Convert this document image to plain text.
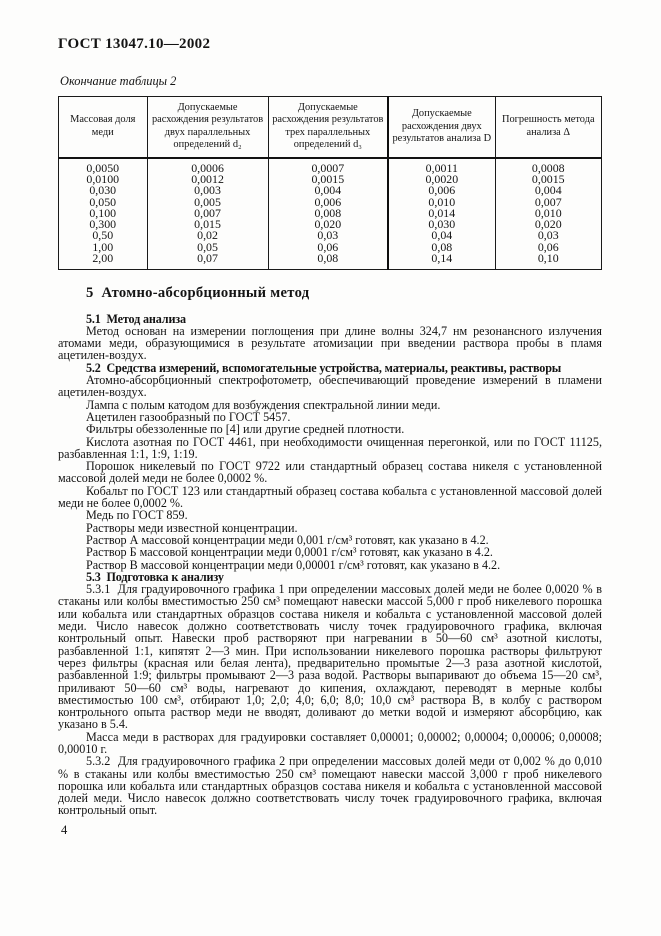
ГОСТ 13047.10—2002

Окончание таблицы 2

Массовая доля меди	Допускаемые расхождения результатов двух параллельных определений d₂	Допускаемые расхождения результатов трех параллельных определений d₃	Допускаемые расхождения двух результатов анализа D	Погрешность метода анализа Δ
0,0050	0,0006	0,0007	0,0011	0,0008
0,0100	0,0012	0,0015	0,0020	0,0015
0,030	0,003	0,004	0,006	0,004
0,050	0,005	0,006	0,010	0,007
0,100	0,007	0,008	0,014	0,010
0,300	0,015	0,020	0,030	0,020
0,50	0,02	0,03	0,04	0,03
1,00	0,05	0,06	0,08	0,06
2,00	0,07	0,08	0,14	0,10

5  Атомно-абсорбционный метод

5.1  Метод анализа

Метод основан на измерении поглощения при длине волны 324,7 нм резонансного излучения атомами меди, образующимися в результате атомизации при введении раствора пробы в пламя ацетилен-воздух.

5.2  Средства измерений, вспомогательные устройства, материалы, реактивы, растворы

Атомно-абсорбционный спектрофотометр, обеспечивающий проведение измерений в пламени ацетилен-воздух.

Лампа с полым катодом для возбуждения спектральной линии меди.

Ацетилен газообразный по ГОСТ 5457.

Фильтры обеззоленные по [4] или другие средней плотности.

Кислота азотная по ГОСТ 4461, при необходимости очищенная перегонкой, или по ГОСТ 11125, разбавленная 1:1, 1:9, 1:19.

Порошок никелевый по ГОСТ 9722 или стандартный образец состава никеля с установленной массовой долей меди не более 0,0002 %.

Кобальт по ГОСТ 123 или стандартный образец состава кобальта с установленной массовой долей меди не более 0,0002 %.

Медь по ГОСТ 859.

Растворы меди известной концентрации.

Раствор А массовой концентрации меди 0,001 г/см³ готовят, как указано в 4.2.

Раствор Б массовой концентрации меди 0,0001 г/см³ готовят, как указано в 4.2.

Раствор В массовой концентрации меди 0,00001 г/см³ готовят, как указано в 4.2.

5.3  Подготовка к анализу

5.3.1  Для градуировочного графика 1 при определении массовых долей меди не более 0,0020 % в стаканы или колбы вместимостью 250 см³ помещают навески массой 5,000 г проб никелевого порошка или кобальта или стандартных образцов состава никеля и кобальта с установленной массовой долей меди. Число навесок должно соответствовать числу точек градуировочного графика, включая контрольный опыт. Навески проб растворяют при нагревании в 50—60 см³ азотной кислоты, разбавленной 1:1, кипятят 2—3 мин. При использовании никелевого порошка растворы фильтруют через фильтры (красная или белая лента), предварительно промытые 2—3 раза азотной кислотой, разбавленной 1:9; фильтры промывают 2—3 раза водой. Растворы выпаривают до объема 15—20 см³, приливают 50—60 см³ воды, нагревают до кипения, охлаждают, переводят в мерные колбы вместимостью 100 см³, отбирают 1,0; 2,0; 4,0; 6,0; 8,0; 10,0 см³ раствора В, в колбу с раствором контрольного опыта раствор меди не вводят, доливают до метки водой и измеряют абсорбцию, как указано в 5.4.

Масса меди в растворах для градуировки составляет 0,00001; 0,00002; 0,00004; 0,00006; 0,00008; 0,00010 г.

5.3.2  Для градуировочного графика 2 при определении массовых долей меди от 0,002 % до 0,010 % в стаканы или колбы вместимостью 250 см³ помещают навески массой 3,000 г проб никелевого порошка или кобальта или стандартных образцов состава никеля и кобальта с установленной массовой долей меди. Число навесок должно соответствовать числу точек градуировочного графика, включая контрольный опыт.

4
